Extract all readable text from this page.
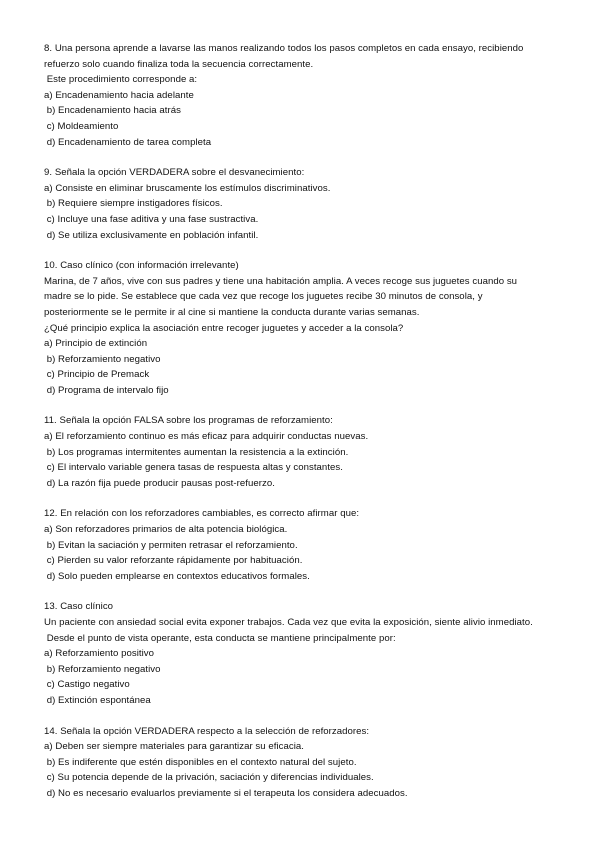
8. Una persona aprende a lavarse las manos realizando todos los pasos completos en cada ensayo, recibiendo
refuerzo solo cuando finaliza toda la secuencia correctamente.
Este procedimiento corresponde a:
a) Encadenamiento hacia adelante
b) Encadenamiento hacia atrás
c) Moldeamiento
d) Encadenamiento de tarea completa
9. Señala la opción VERDADERA sobre el desvanecimiento:
a) Consiste en eliminar bruscamente los estímulos discriminativos.
b) Requiere siempre instigadores físicos.
c) Incluye una fase aditiva y una fase sustractiva.
d) Se utiliza exclusivamente en población infantil.
10. Caso clínico (con información irrelevante)
Marina, de 7 años, vive con sus padres y tiene una habitación amplia. A veces recoge sus juguetes cuando su
madre se lo pide. Se establece que cada vez que recoge los juguetes recibe 30 minutos de consola, y
posteriormente se le permite ir al cine si mantiene la conducta durante varias semanas.
¿Qué principio explica la asociación entre recoger juguetes y acceder a la consola?
a) Principio de extinción
b) Reforzamiento negativo
c) Principio de Premack
d) Programa de intervalo fijo
11. Señala la opción FALSA sobre los programas de reforzamiento:
a) El reforzamiento continuo es más eficaz para adquirir conductas nuevas.
b) Los programas intermitentes aumentan la resistencia a la extinción.
c) El intervalo variable genera tasas de respuesta altas y constantes.
d) La razón fija puede producir pausas post-refuerzo.
12. En relación con los reforzadores cambiables, es correcto afirmar que:
a) Son reforzadores primarios de alta potencia biológica.
b) Evitan la saciación y permiten retrasar el reforzamiento.
c) Pierden su valor reforzante rápidamente por habituación.
d) Solo pueden emplearse en contextos educativos formales.
13. Caso clínico
Un paciente con ansiedad social evita exponer trabajos. Cada vez que evita la exposición, siente alivio inmediato.
Desde el punto de vista operante, esta conducta se mantiene principalmente por:
a) Reforzamiento positivo
b) Reforzamiento negativo
c) Castigo negativo
d) Extinción espontánea
14. Señala la opción VERDADERA respecto a la selección de reforzadores:
a) Deben ser siempre materiales para garantizar su eficacia.
b) Es indiferente que estén disponibles en el contexto natural del sujeto.
c) Su potencia depende de la privación, saciación y diferencias individuales.
d) No es necesario evaluarlos previamente si el terapeuta los considera adecuados.
